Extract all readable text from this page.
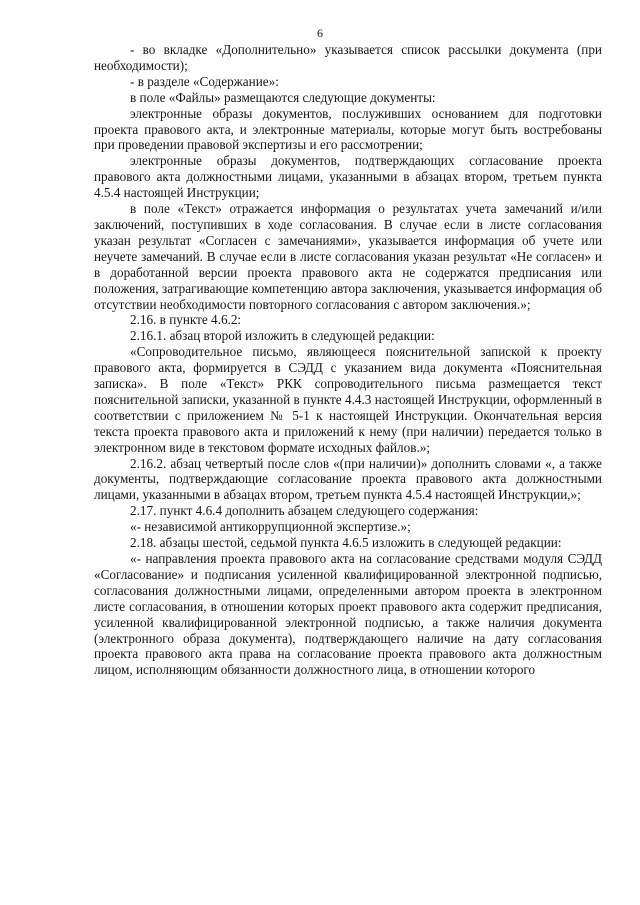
6

- во вкладке «Дополнительно» указывается список рассылки документа (при необходимости);

- в разделе «Содержание»:

в поле «Файлы» размещаются следующие документы:

электронные образы документов, послуживших основанием для подготовки проекта правового акта, и электронные материалы, которые могут быть востребованы при проведении правовой экспертизы и его рассмотрении;

электронные образы документов, подтверждающих согласование проекта правового акта должностными лицами, указанными в абзацах втором, третьем пункта 4.5.4 настоящей Инструкции;

в поле «Текст» отражается информация о результатах учета замечаний и/или заключений, поступивших в ходе согласования. В случае если в листе согласования указан результат «Согласен с замечаниями», указывается информация об учете или неучете замечаний. В случае если в листе согласования указан результат «Не согласен» и в доработанной версии проекта правового акта не содержатся предписания или положения, затрагивающие компетенцию автора заключения, указывается информация об отсутствии необходимости повторного согласования с автором заключения.»;

2.16. в пункте 4.6.2:

2.16.1. абзац второй изложить в следующей редакции:

«Сопроводительное письмо, являющееся пояснительной запиской к проекту правового акта, формируется в СЭДД с указанием вида документа «Пояснительная записка». В поле «Текст» РКК сопроводительного письма размещается текст пояснительной записки, указанной в пункте 4.4.3 настоящей Инструкции, оформленный в соответствии с приложением № 5-1 к настоящей Инструкции. Окончательная версия текста проекта правового акта и приложений к нему (при наличии) передается только в электронном виде в текстовом формате исходных файлов.»;

2.16.2. абзац четвертый после слов «(при наличии)» дополнить словами «, а также документы, подтверждающие согласование проекта правового акта должностными лицами, указанными в абзацах втором, третьем пункта 4.5.4 настоящей Инструкции,»;

2.17. пункт 4.6.4 дополнить абзацем следующего содержания:

«- независимой антикоррупционной экспертизе.»;

2.18. абзацы шестой, седьмой пункта 4.6.5 изложить в следующей редакции:

«- направления проекта правового акта на согласование средствами модуля СЭДД «Согласование» и подписания усиленной квалифицированной электронной подписью, согласования должностными лицами, определенными автором проекта в электронном листе согласования, в отношении которых проект правового акта содержит предписания, усиленной квалифицированной электронной подписью, а также наличия документа (электронного образа документа), подтверждающего наличие на дату согласования проекта правового акта права на согласование проекта правового акта должностным лицом, исполняющим обязанности должностного лица, в отношении которого
